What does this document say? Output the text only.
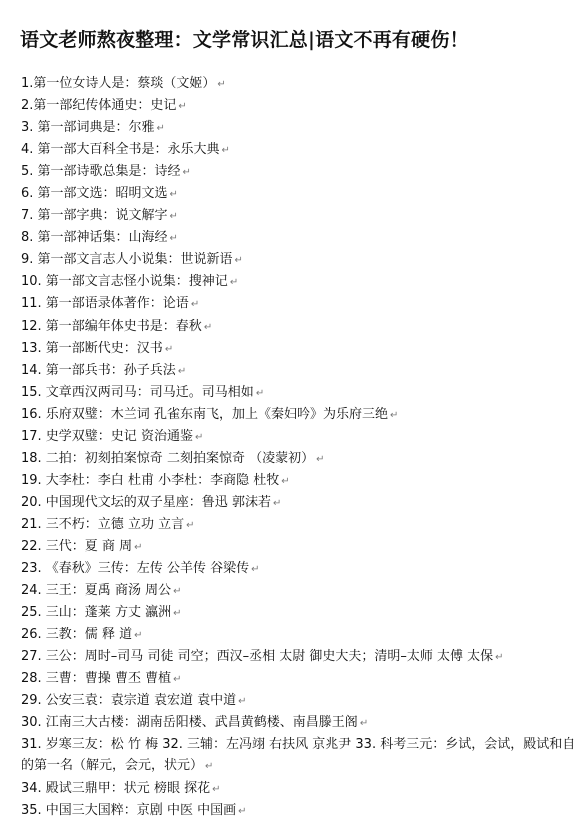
语文老师熬夜整理：文学常识汇总|语文不再有硬伤！
1.第一位女诗人是：蔡琰（文姬） ↵
2.第一部纪传体通史：史记 ↵
3. 第一部词典是：尔雅 ↵
4. 第一部大百科全书是：永乐大典 ↵
5. 第一部诗歌总集是：诗经 ↵
6. 第一部文选：昭明文选 ↵
7. 第一部字典：说文解字 ↵
8. 第一部神话集：山海经 ↵
9. 第一部文言志人小说集：世说新语 ↵
10. 第一部文言志怪小说集：搜神记 ↵
11. 第一部语录体著作：论语 ↵
12. 第一部编年体史书是：春秋 ↵
13. 第一部断代史：汉书 ↵
14. 第一部兵书：孙子兵法 ↵
15. 文章西汉两司马：司马迁。司马相如 ↵
16. 乐府双璧：木兰词 孔雀东南飞，加上《秦妇吟》为乐府三绝 ↵
17. 史学双璧：史记 资治通鉴 ↵
18. 二拍：初刻拍案惊奇 二刻拍案惊奇 （凌蒙初） ↵
19. 大李杜：李白 杜甫 小李杜：李商隐 杜牧 ↵
20. 中国现代文坛的双子星座：鲁迅 郭沫若 ↵
21. 三不朽：立德 立功 立言 ↵
22. 三代：夏 商 周 ↵
23. 《春秋》三传：左传 公羊传 谷梁传 ↵
24. 三王：夏禹 商汤 周公 ↵
25. 三山：蓬莱 方丈 瀛洲 ↵
26. 三教：儒 释 道 ↵
27. 三公：周时–司马 司徒 司空；西汉–丞相 太尉 御史大夫；清明–太师 太傅 太保 ↵
28. 三曹：曹操 曹丕 曹植 ↵
29. 公安三袁：袁宗道 袁宏道 袁中道 ↵
30. 江南三大古楼：湖南岳阳楼、武昌黄鹤楼、南昌滕王阁 ↵
31. 岁寒三友：松 竹 梅 32. 三辅：左冯翊 右扶风 京兆尹 33. 科考三元：乡试，会试，殿试和自的第一名（解元，会元，状元） ↵
34. 殿试三鼎甲：状元 榜眼 探花 ↵
35. 中国三大国粹：京剧 中医 中国画 ↵
